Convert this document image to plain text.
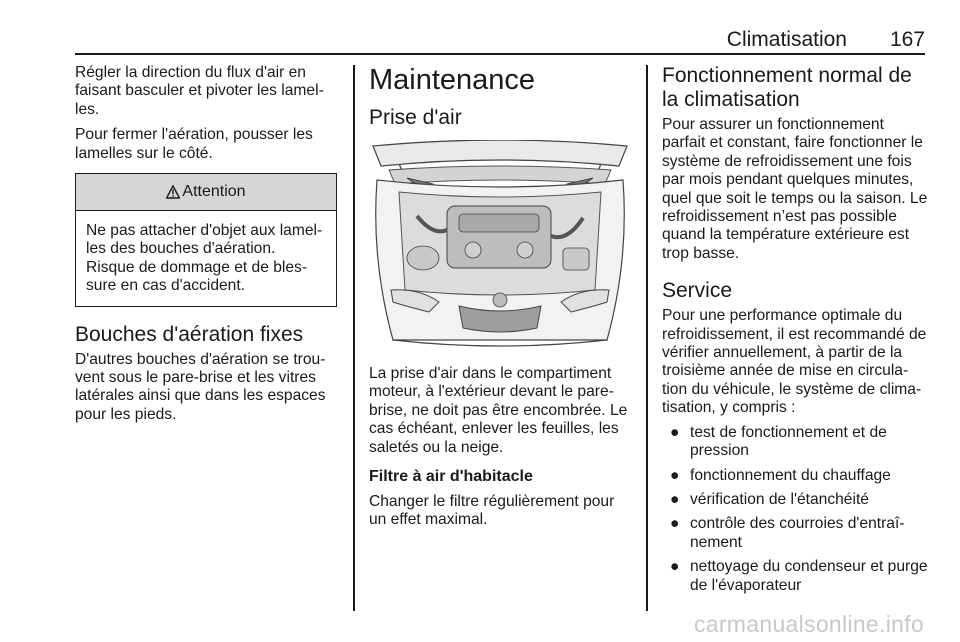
Climatisation 167

Régler la direction du flux d'air en faisant basculer et pivoter les lamelles.

Pour fermer l'aération, pousser les lamelles sur le côté.

Attention

Ne pas attacher d'objet aux lamelles des bouches d'aération.

Risque de dommage et de blessure en cas d'accident.

Bouches d'aération fixes

D'autres bouches d'aération se trouvent sous le pare-brise et les vitres latérales ainsi que dans les espaces pour les pieds.

Maintenance
Prise d'air

La prise d'air dans le compartiment moteur, à l'extérieur devant le pare-brise, ne doit pas être encombrée. Le cas échéant, enlever les feuilles, les saletés ou la neige.

Filtre à air d'habitacle

Changer le filtre régulièrement pour un effet maximal.

Fonctionnement normal de la climatisation

Pour assurer un fonctionnement parfait et constant, faire fonctionner le système de refroidissement une fois par mois pendant quelques minutes, quel que soit le temps ou la saison. Le refroidissement n’est pas possible quand la température extérieure est trop basse.

Service

Pour une performance optimale du refroidissement, il est recommandé de vérifier annuellement, à partir de la troisième année de mise en circulation du véhicule, le système de climatisation, y compris :

● test de fonctionnement et de pression
● fonctionnement du chauffage
● vérification de l'étanchéité
● contrôle des courroies d'entraînement
● nettoyage du condenseur et purge de l'évaporateur
carmanualsonline.info
